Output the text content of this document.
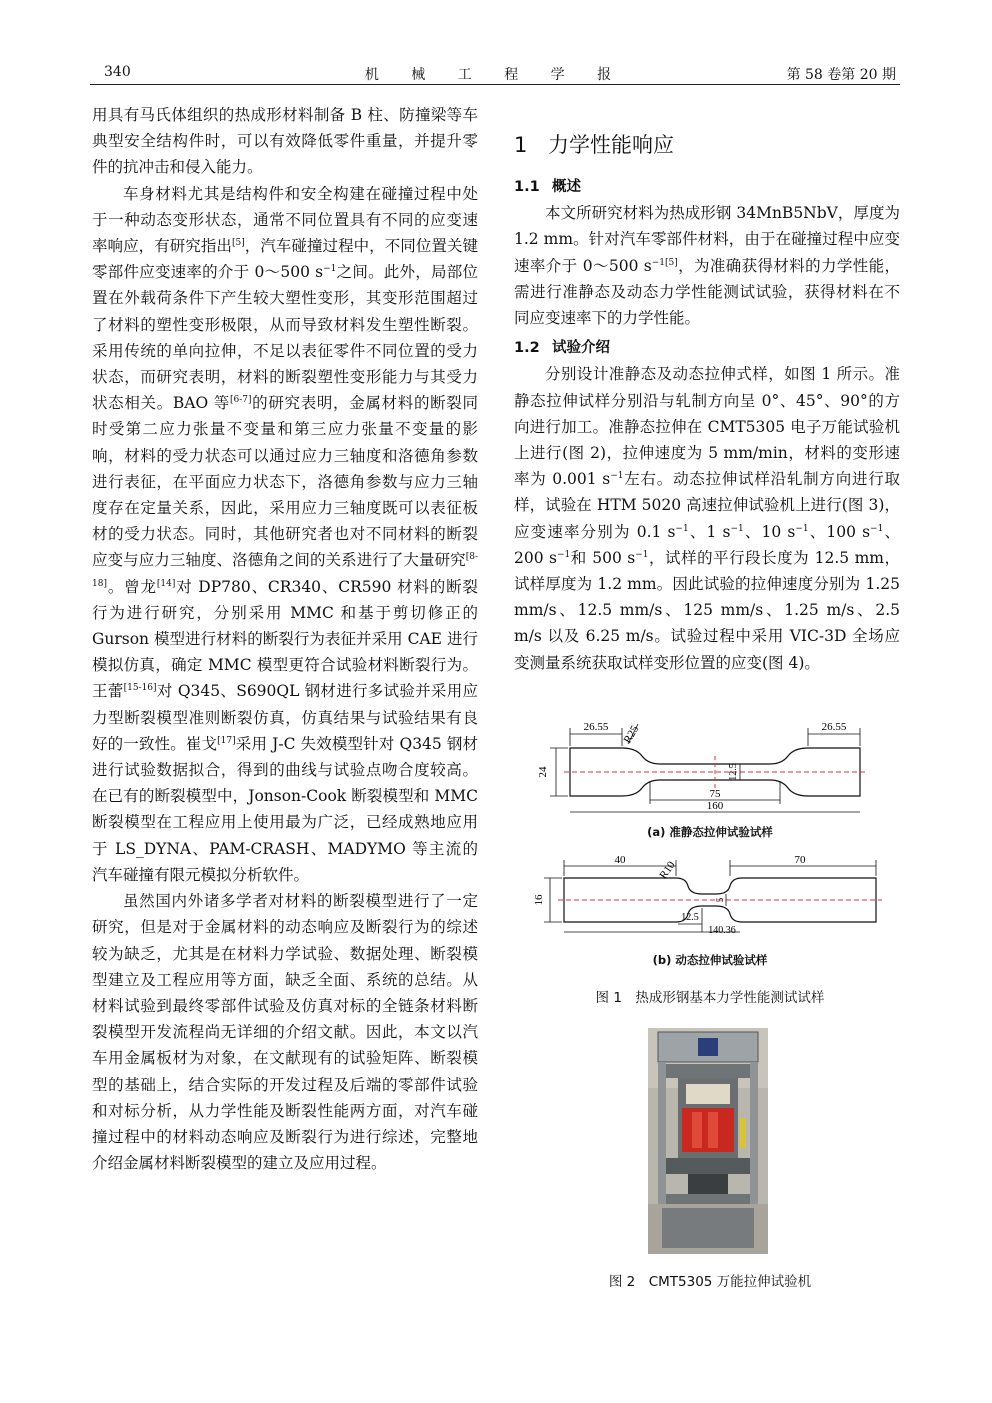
340	机 械 工 程 学 报	第 58 卷第 20 期

用具有马氏体组织的热成形材料制备 B 柱、防撞梁等车典型安全结构件时，可以有效降低零件重量，并提升零件的抗冲击和侵入能力。

车身材料尤其是结构件和安全构建在碰撞过程中处于一种动态变形状态，通常不同位置具有不同的应变速率响应，有研究指出[5]，汽车碰撞过程中，不同位置关键零部件应变速率的介于 0～500 $s^{-1}$之间。此外，局部位置在外载荷条件下产生较大塑性变形，其变形范围超过了材料的塑性变形极限，从而导致材料发生塑性断裂。采用传统的单向拉伸，不足以表征零件不同位置的受力状态，而研究表明，材料的断裂塑性变形能力与其受力状态相关。BAO 等[6-7]的研究表明，金属材料的断裂同时受第二应力张量不变量和第三应力张量不变量的影响，材料的受力状态可以通过应力三轴度和洛德角参数进行表征，在平面应力状态下，洛德角参数与应力三轴度存在定量关系，因此，采用应力三轴度既可以表征板材的受力状态。同时，其他研究者也对不同材料的断裂应变与应力三轴度、洛德角之间的关系进行了大量研究[8-18]。曾龙[14]对 DP780、CR340、CR590 材料的断裂行为进行研究，分别采用 MMC 和基于剪切修正的 Gurson 模型进行材料的断裂行为表征并采用 CAE 进行模拟仿真，确定 MMC 模型更符合试验材料断裂行为。王蕾[15-16]对 Q345、S690QL 钢材进行多试验并采用应力型断裂模型准则断裂仿真，仿真结果与试验结果有良好的一致性。崔戈[17]采用 J-C 失效模型针对 Q345 钢材进行试验数据拟合，得到的曲线与试验点吻合度较高。在已有的断裂模型中，Jonson-Cook 断裂模型和 MMC 断裂模型在工程应用上使用最为广泛，已经成熟地应用于 LS_DYNA、PAM-CRASH、MADYMO 等主流的汽车碰撞有限元模拟分析软件。

虽然国内外诸多学者对材料的断裂模型进行了一定研究，但是对于金属材料的动态响应及断裂行为的综述较为缺乏，尤其是在材料力学试验、数据处理、断裂模型建立及工程应用等方面，缺乏全面、系统的总结。从材料试验到最终零部件试验及仿真对标的全链条材料断裂模型开发流程尚无详细的介绍文献。因此，本文以汽车用金属板材为对象，在文献现有的试验矩阵、断裂模型的基础上，结合实际的开发过程及后端的零部件试验和对标分析，从力学性能及断裂性能两方面，对汽车碰撞过程中的材料动态响应及断裂行为进行综述，完整地介绍金属材料断裂模型的建立及应用过程。

1 力学性能响应
1.1 概述

本文所研究材料为热成形钢 34MnB5NbV，厚度为 1.2 mm。针对汽车零部件材料，由于在碰撞过程中应变速率介于 0～500 $s^{-1[5]}$，为准确获得材料的力学性能，需进行准静态及动态力学性能测试试验，获得材料在不同应变速率下的力学性能。

1.2 试验介绍

分别设计准静态及动态拉伸式样，如图 1 所示。准静态拉伸试样分别沿与轧制方向呈 0°、45°、90°的方向进行加工。准静态拉伸在 CMT5305 电子万能试验机上进行(图 2)，拉伸速度为 5 mm/min，材料的变形速率为 0.001 $s^{-1}$左右。动态拉伸试样沿轧制方向进行取样，试验在 HTM 5020 高速拉伸试验机上进行(图 3)，应变速率分别为 0.1 $s^{-1}$、1 $s^{-1}$、10 $s^{-1}$、100 $s^{-1}$、200 $s^{-1}$和 500 $s^{-1}$，试样的平行段长度为 12.5 mm，试样厚度为 1.2 mm。因此试验的拉伸速度分别为 1.25 mm/s、12.5 mm/s、125 mm/s、1.25 m/s、2.5 m/s 以及 6.25 m/s。试验过程中采用 VIC-3D 全场应变测量系统获取试样变形位置的应变(图 4)。

26.55 R25	26.55
24	12.5
75
160
(a) 准静态拉伸试验试样
40	R10	70
16	5
12.5
140.36
(b) 动态拉伸试验试样
图 1　热成形钢基本力学性能测试试样
图 2　CMT5305 万能拉伸试验机
